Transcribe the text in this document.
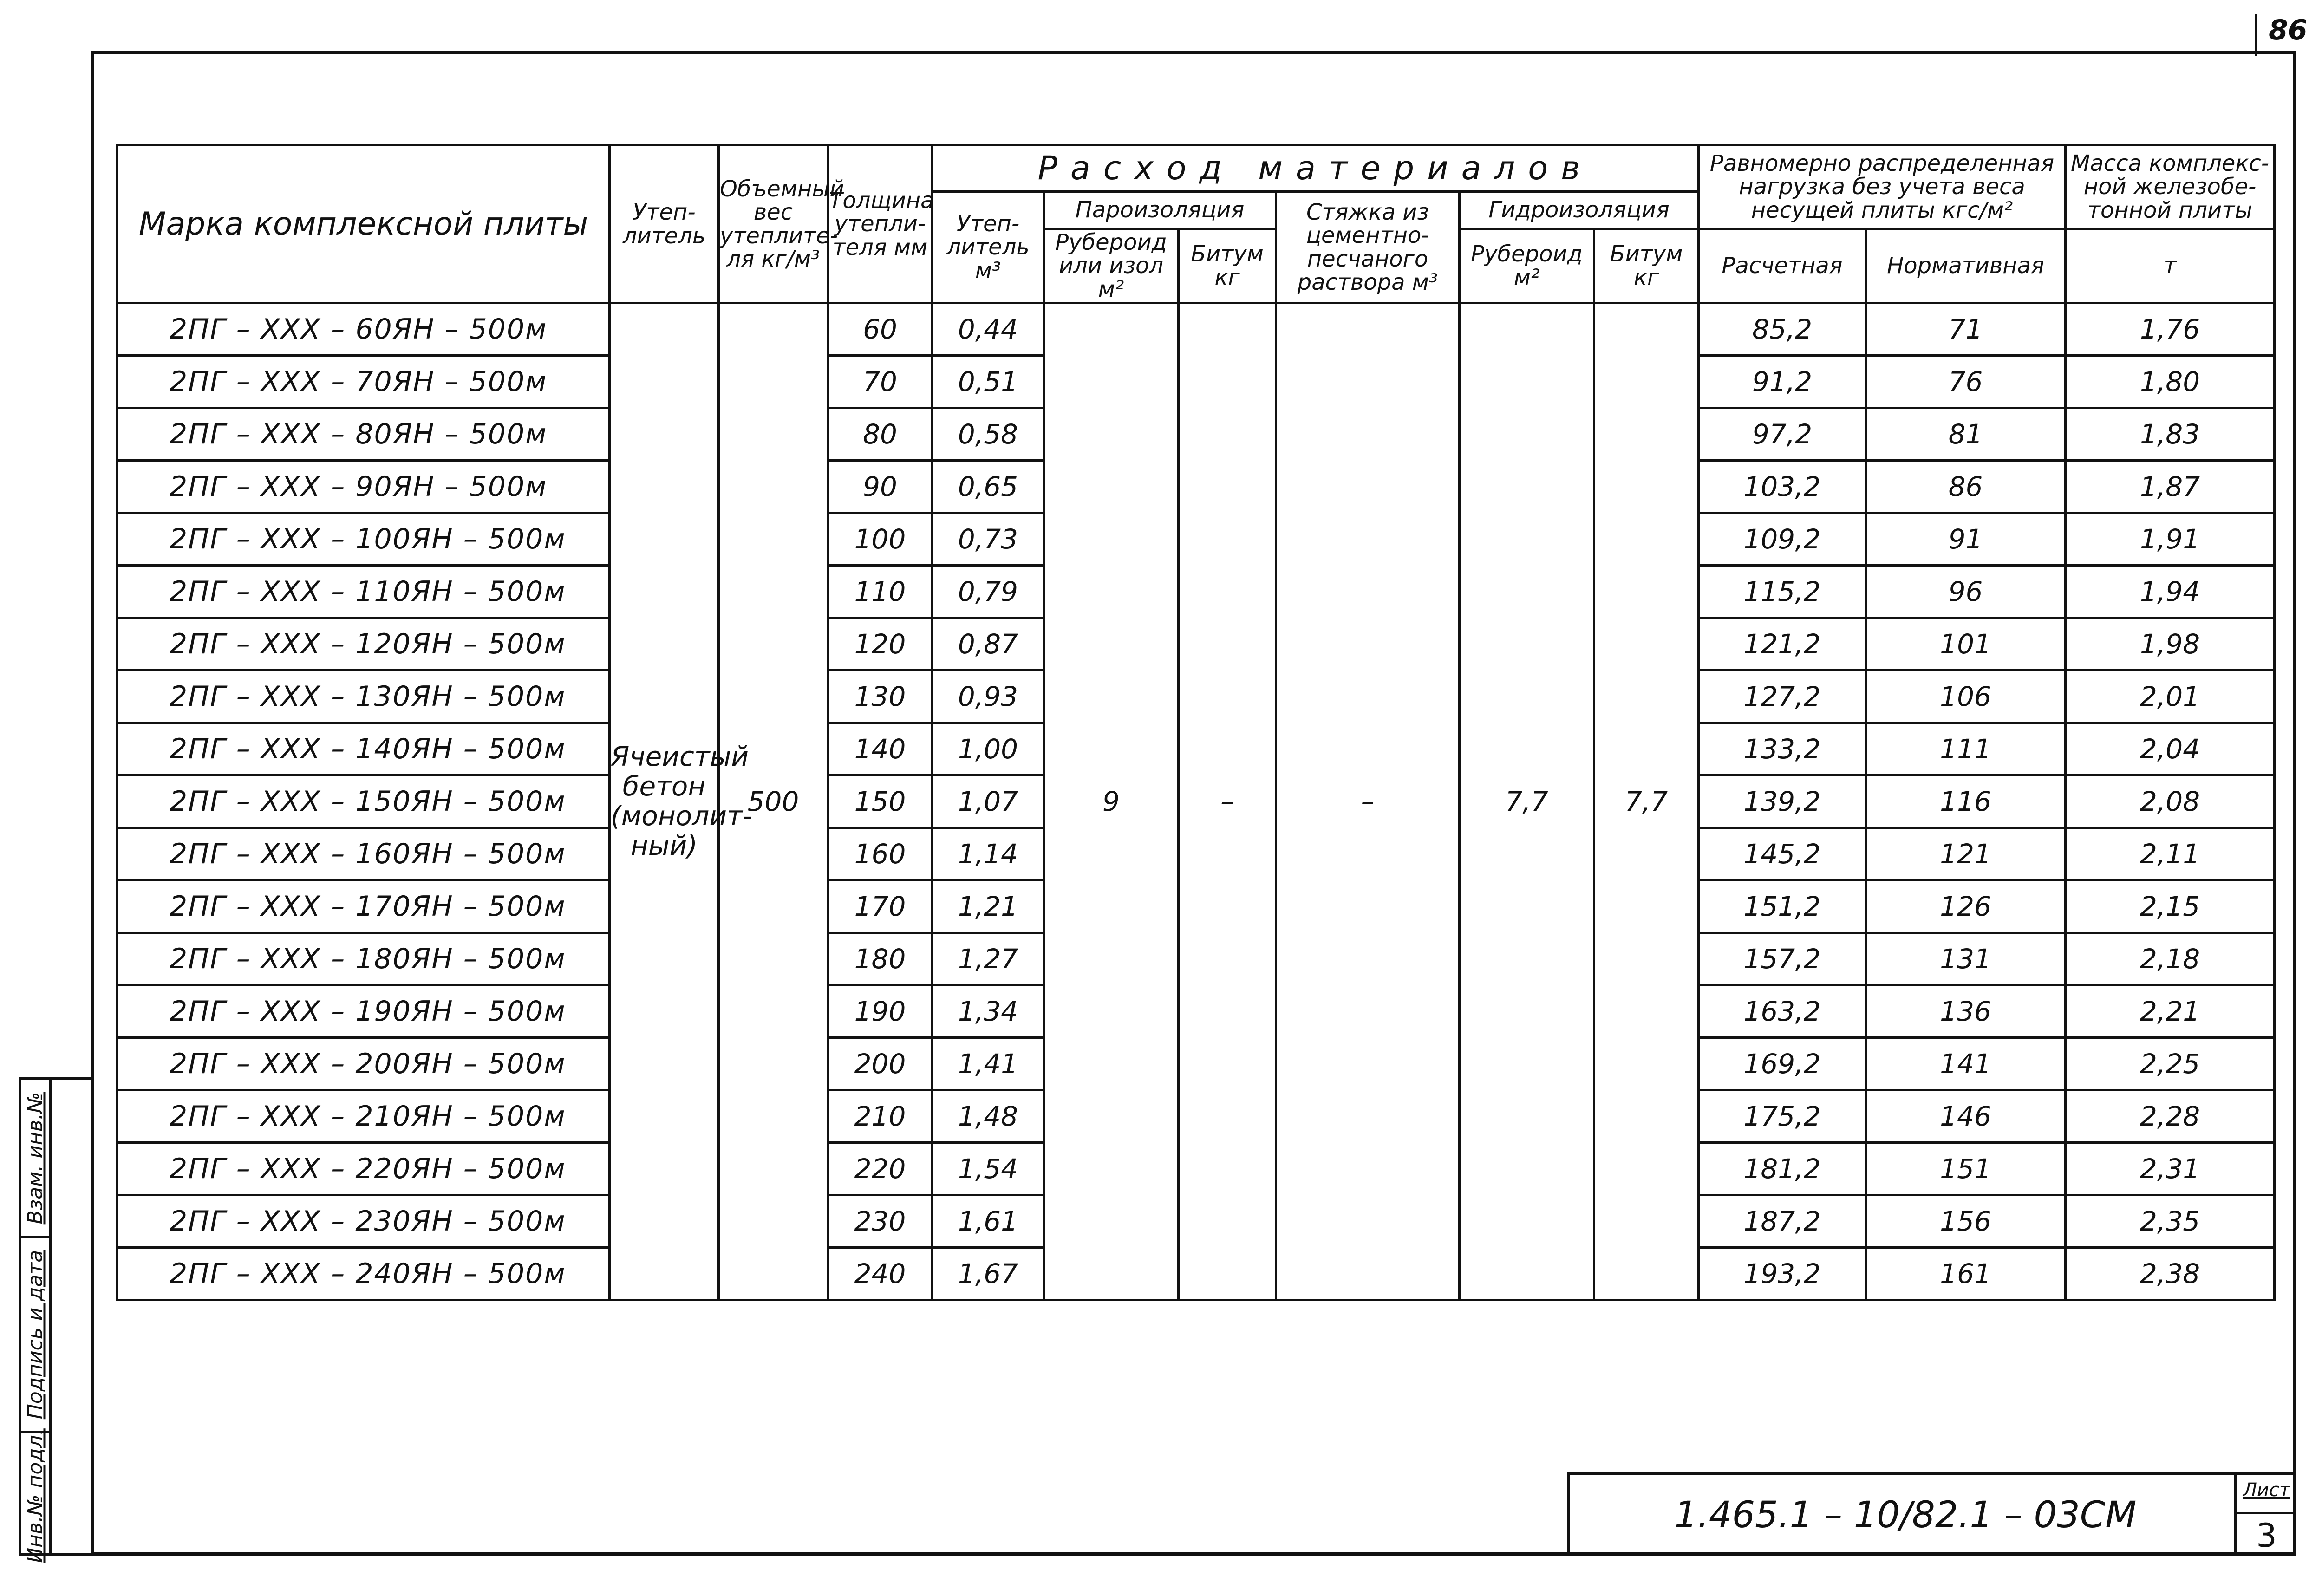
86
Марка комплексной плиты	Утеп-литель	Объемный вес утеплите-ля кг/м³	Толщина утепли-теля мм	Расход материалов						Равномерно распределенная нагрузка без учета веса несущей плиты кгс/м²		Масса комплекс-ной железобе-тонной плиты
				Утеп-литель м³	Пароизоляция		Стяжка из цементно-песчаного раствора м³	Гидроизоляция				
					Рубероид или изол м²	Битум кг		Рубероид м²	Битум кг	Расчетная	Нормативная	т
2ПГ – XXX – 60ЯН – 500м	Ячеистый бетон (монолит-ный)	500	60	0,44	9	–	–	7,7	7,7	85,2	71	1,76
2ПГ – XXX – 70ЯН – 500м			70	0,51						91,2	76	1,80
2ПГ – XXX – 80ЯН – 500м			80	0,58						97,2	81	1,83
2ПГ – XXX – 90ЯН – 500м			90	0,65						103,2	86	1,87
2ПГ – XXX – 100ЯН – 500м			100	0,73						109,2	91	1,91
2ПГ – XXX – 110ЯН – 500м			110	0,79						115,2	96	1,94
2ПГ – XXX – 120ЯН – 500м			120	0,87						121,2	101	1,98
2ПГ – XXX – 130ЯН – 500м			130	0,93						127,2	106	2,01
2ПГ – XXX – 140ЯН – 500м			140	1,00						133,2	111	2,04
2ПГ – XXX – 150ЯН – 500м			150	1,07						139,2	116	2,08
2ПГ – XXX – 160ЯН – 500м			160	1,14						145,2	121	2,11
2ПГ – XXX – 170ЯН – 500м			170	1,21						151,2	126	2,15
2ПГ – XXX – 180ЯН – 500м			180	1,27						157,2	131	2,18
2ПГ – XXX – 190ЯН – 500м			190	1,34						163,2	136	2,21
2ПГ – XXX – 200ЯН – 500м			200	1,41						169,2	141	2,25
2ПГ – XXX – 210ЯН – 500м			210	1,48						175,2	146	2,28
2ПГ – XXX – 220ЯН – 500м			220	1,54						181,2	151	2,31
2ПГ – XXX – 230ЯН – 500м			230	1,61						187,2	156	2,35
2ПГ – XXX – 240ЯН – 500м			240	1,67						193,2	161	2,38
1.465.1 – 10/82.1 – 03СМ
Лист
3
Взам. инв.№
Подпись и дата
Инв.№ подл.
